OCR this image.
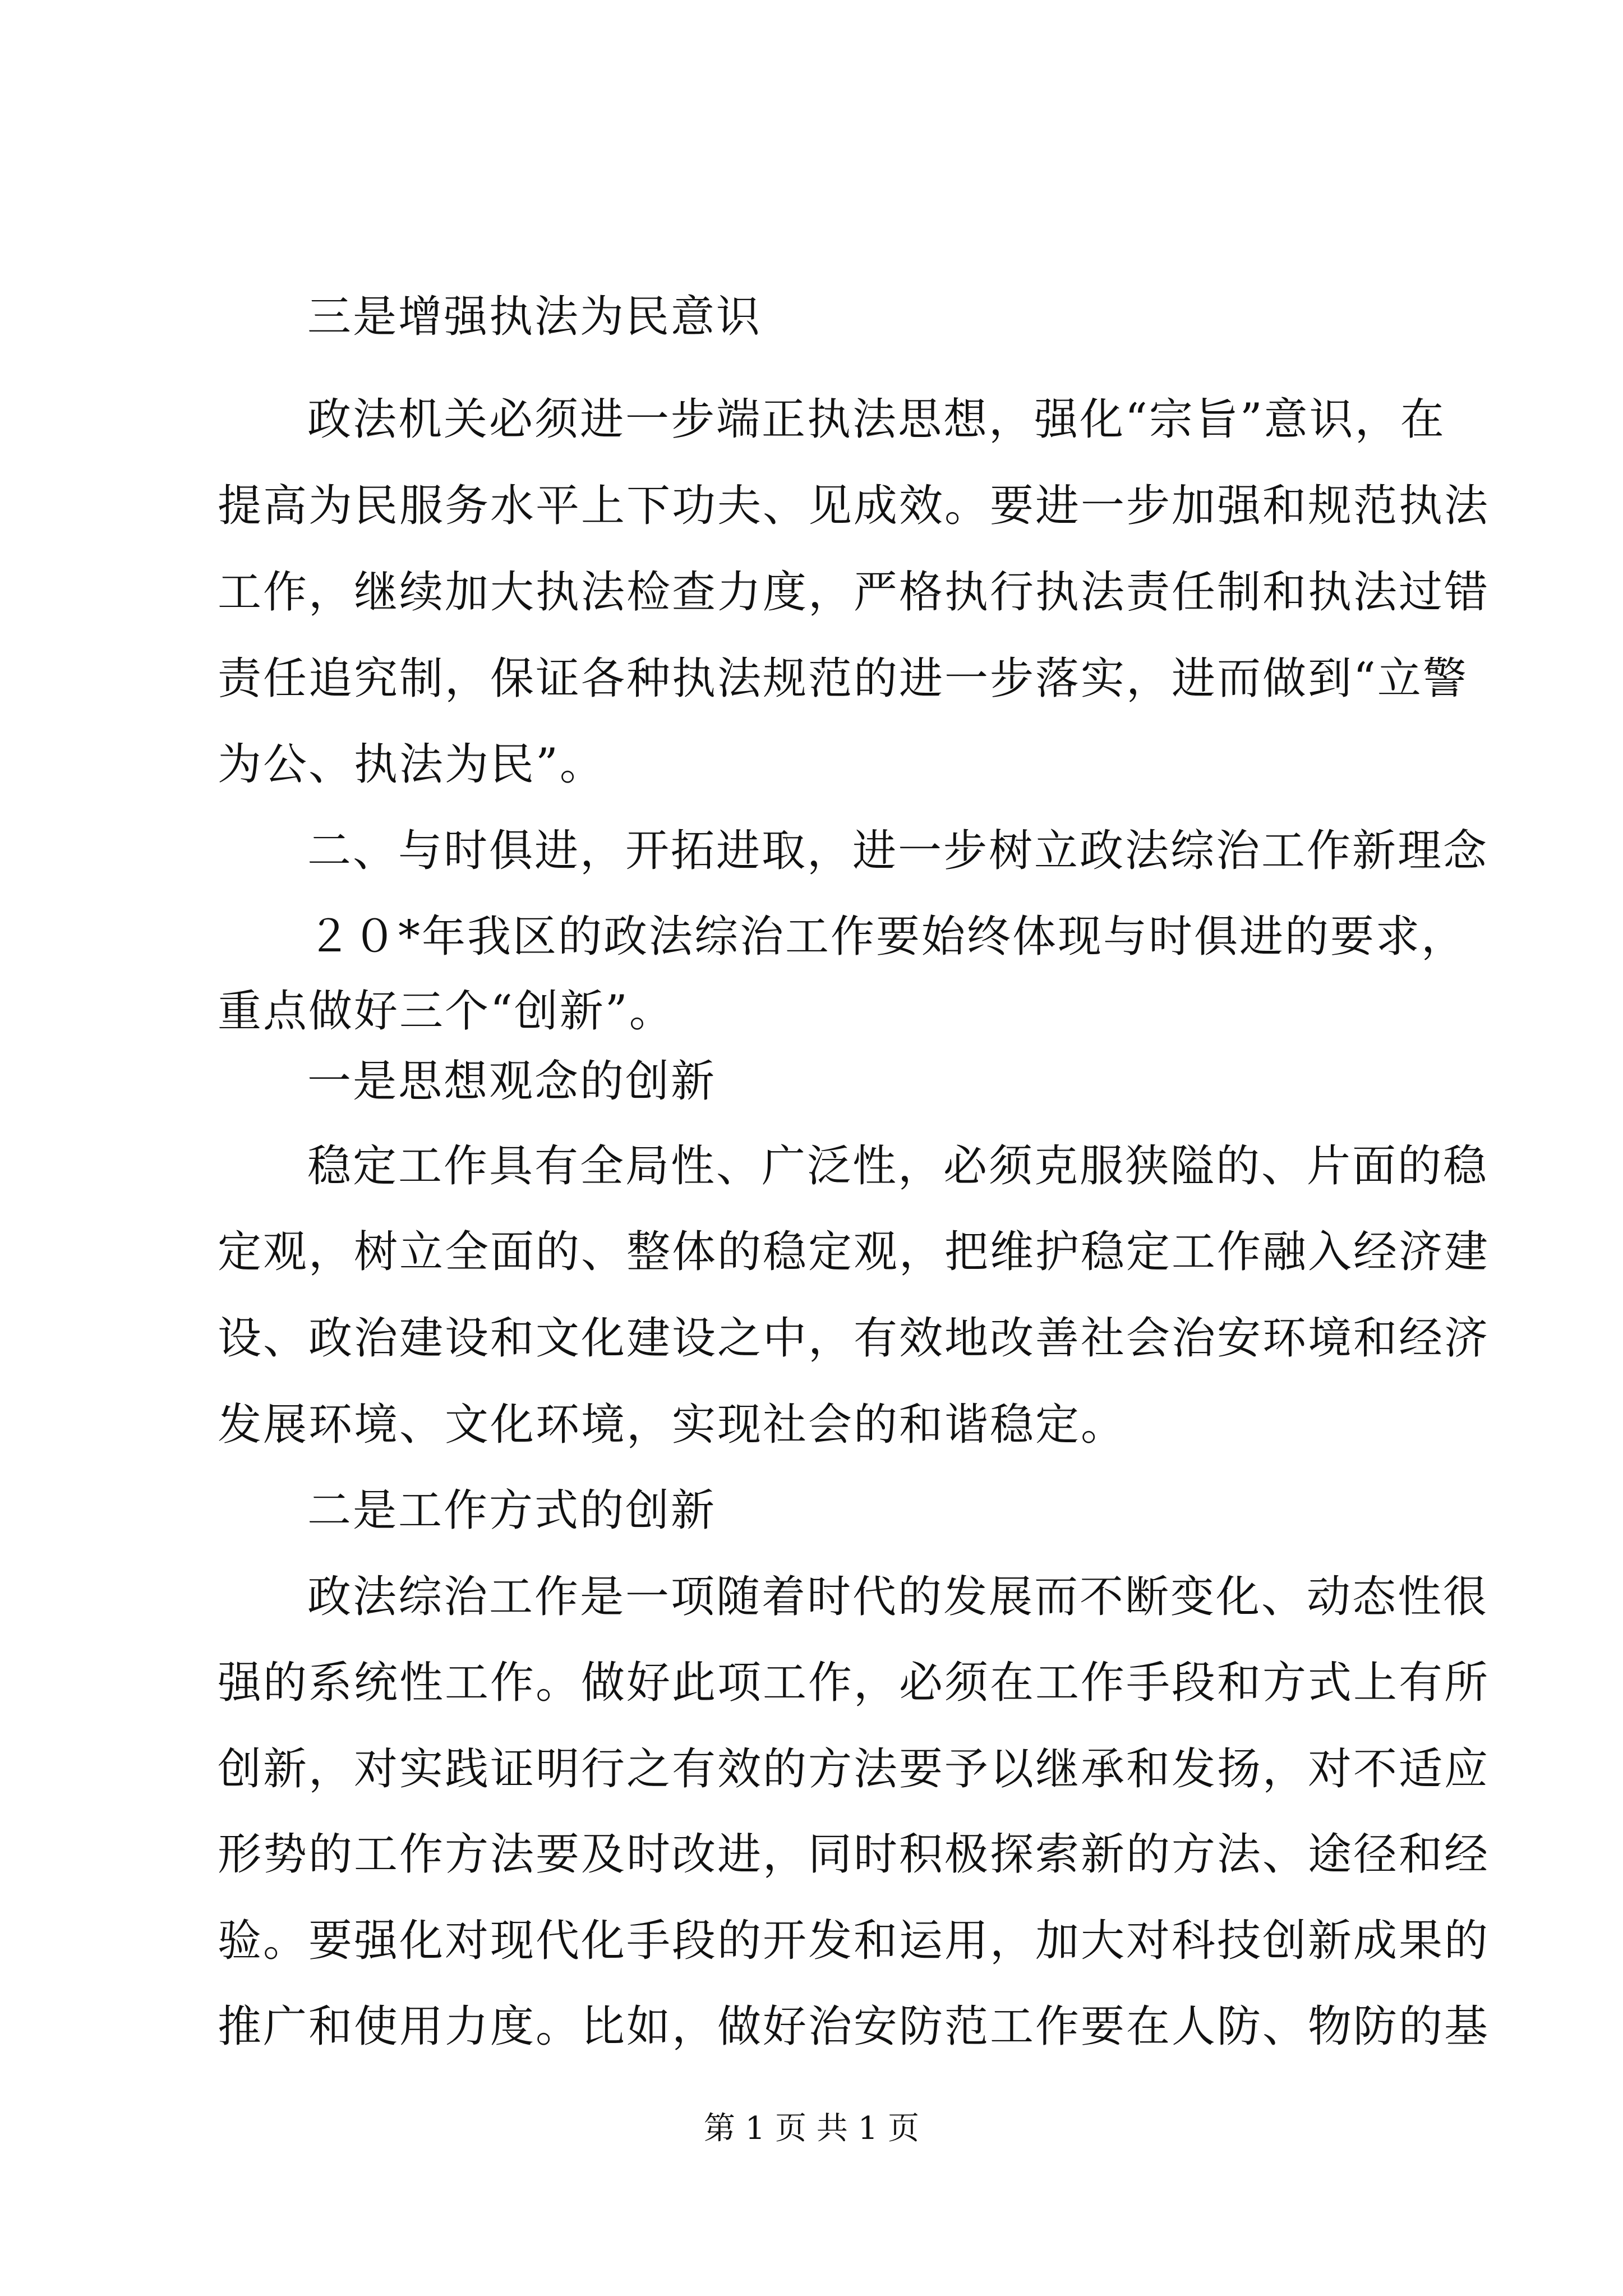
三是增强执法为民意识
政法机关必须进一步端正执法思想，强化“宗旨”意识，在
提高为民服务水平上下功夫、见成效。要进一步加强和规范执法
工作，继续加大执法检查力度，严格执行执法责任制和执法过错
责任追究制，保证各种执法规范的进一步落实，进而做到“立警
为公、执法为民”。
二、与时俱进，开拓进取，进一步树立政法综治工作新理念
２０*年我区的政法综治工作要始终体现与时俱进的要求，
重点做好三个“创新”。
一是思想观念的创新
稳定工作具有全局性、广泛性，必须克服狭隘的、片面的稳
定观，树立全面的、整体的稳定观，把维护稳定工作融入经济建
设、政治建设和文化建设之中，有效地改善社会治安环境和经济
发展环境、文化环境，实现社会的和谐稳定。
二是工作方式的创新
政法综治工作是一项随着时代的发展而不断变化、动态性很
强的系统性工作。做好此项工作，必须在工作手段和方式上有所
创新，对实践证明行之有效的方法要予以继承和发扬，对不适应
形势的工作方法要及时改进，同时积极探索新的方法、途径和经
验。要强化对现代化手段的开发和运用，加大对科技创新成果的
推广和使用力度。比如，做好治安防范工作要在人防、物防的基
第 1 页 共 1 页
